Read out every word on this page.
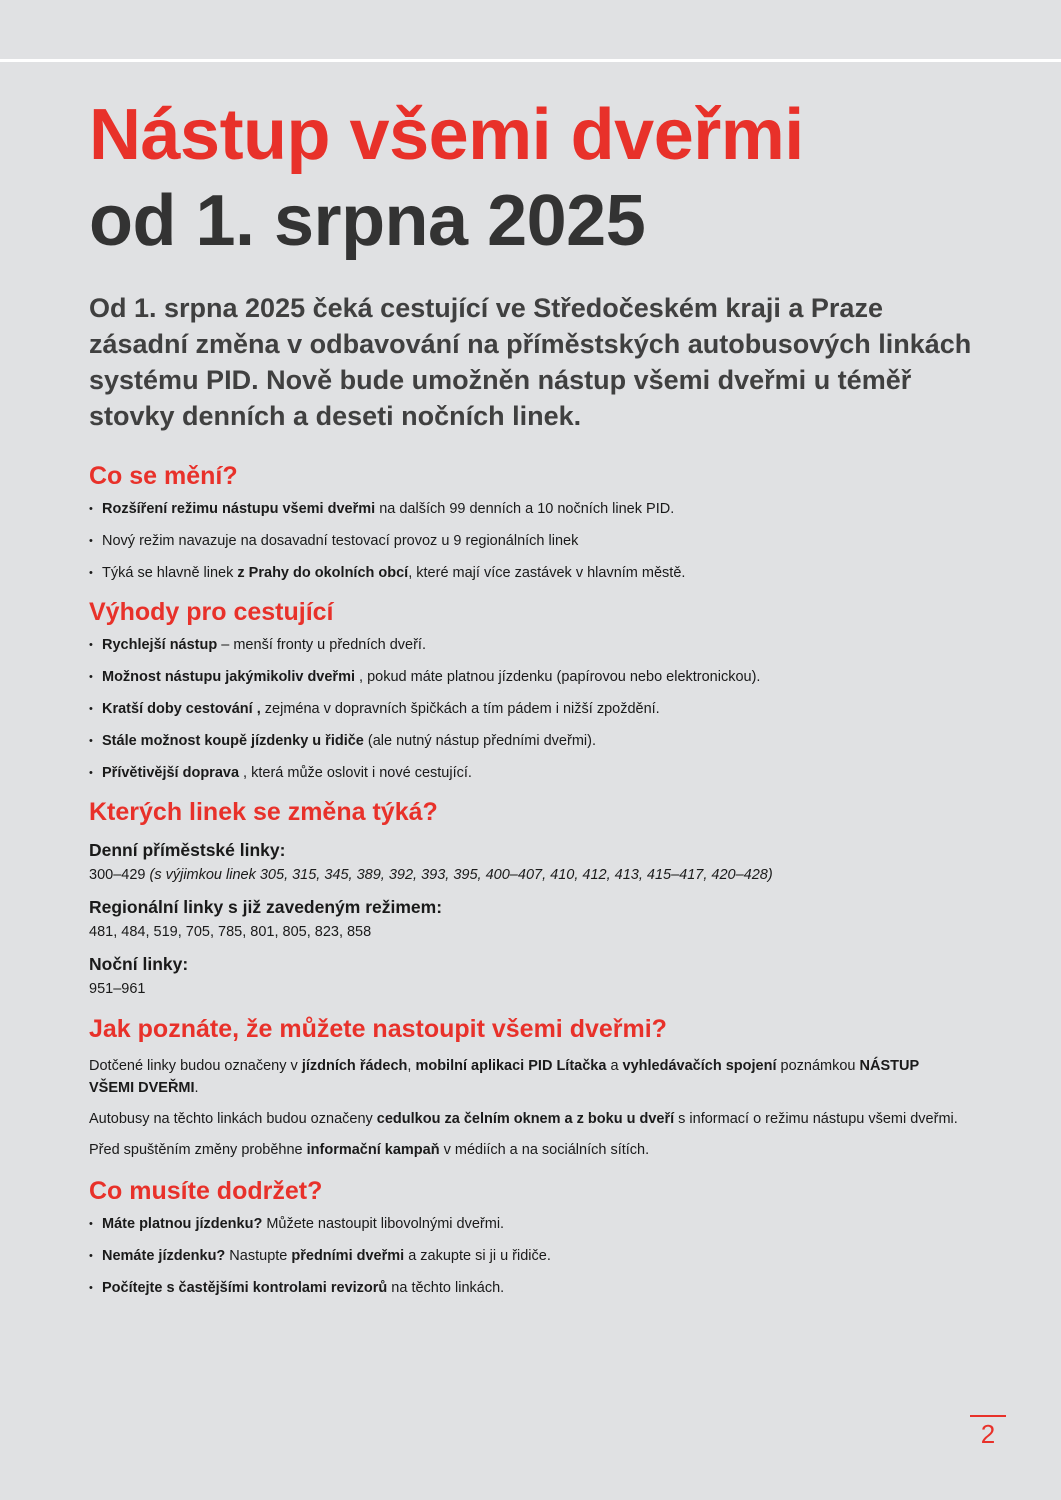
Nástup všemi dveřmi
od 1. srpna 2025

Od 1. srpna 2025 čeká cestující ve Středočeském kraji a Praze zásadní změna v odbavování na příměstských autobusových linkách systému PID. Nově bude umožněn nástup všemi dveřmi u téměř stovky denních a deseti nočních linek.

Co se mění?
• Rozšíření režimu nástupu všemi dveřmi na dalších 99 denních a 10 nočních linek PID.
• Nový režim navazuje na dosavadní testovací provoz u 9 regionálních linek
• Týká se hlavně linek z Prahy do okolních obcí, které mají více zastávek v hlavním městě.
Výhody pro cestující
• Rychlejší nástup – menší fronty u předních dveří.
• Možnost nástupu jakýmikoliv dveřmi , pokud máte platnou jízdenku (papírovou nebo elektronickou).
• Kratší doby cestování , zejména v dopravních špičkách a tím pádem i nižší zpoždění.
• Stále možnost koupě jízdenky u řidiče (ale nutný nástup předními dveřmi).
• Přívětivější doprava , která může oslovit i nové cestující.
Kterých linek se změna týká?

Denní příměstské linky:

300–429 (s výjimkou linek 305, 315, 345, 389, 392, 393, 395, 400–407, 410, 412, 413, 415–417, 420–428)

Regionální linky s již zavedeným režimem:

481, 484, 519, 705, 785, 801, 805, 823, 858

Noční linky:

951–961

Jak poznáte, že můžete nastoupit všemi dveřmi?

Dotčené linky budou označeny v jízdních řádech, mobilní aplikaci PID Lítačka a vyhledávačích spojení poznámkou NÁSTUP VŠEMI DVEŘMI.

Autobusy na těchto linkách budou označeny cedulkou za čelním oknem a z boku u dveří s informací o režimu nástupu všemi dveřmi.

Před spuštěním změny proběhne informační kampaň v médiích a na sociálních sítích.

Co musíte dodržet?
• Máte platnou jízdenku? Můžete nastoupit libovolnými dveřmi.
• Nemáte jízdenku? Nastupte předními dveřmi a zakupte si ji u řidiče.
• Počítejte s častějšími kontrolami revizorů na těchto linkách.
2
